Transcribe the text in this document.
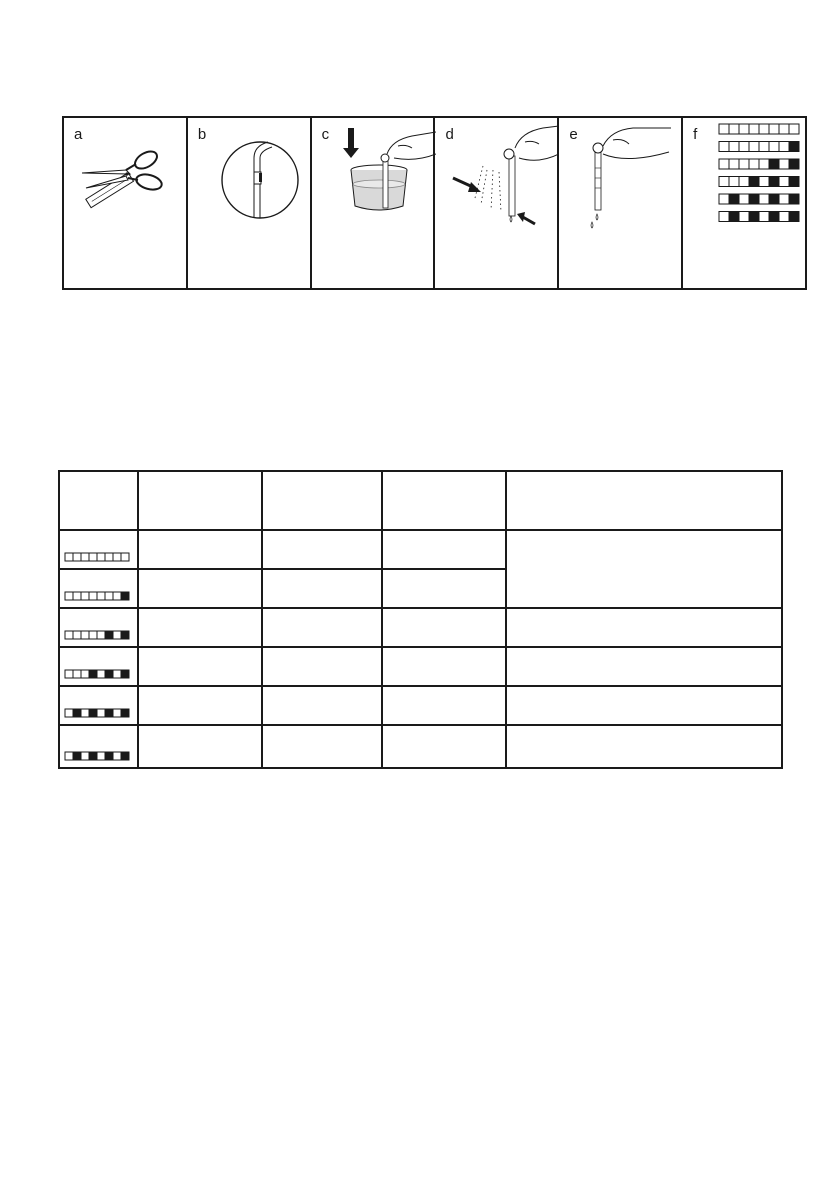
a	b	c	d	e	f
